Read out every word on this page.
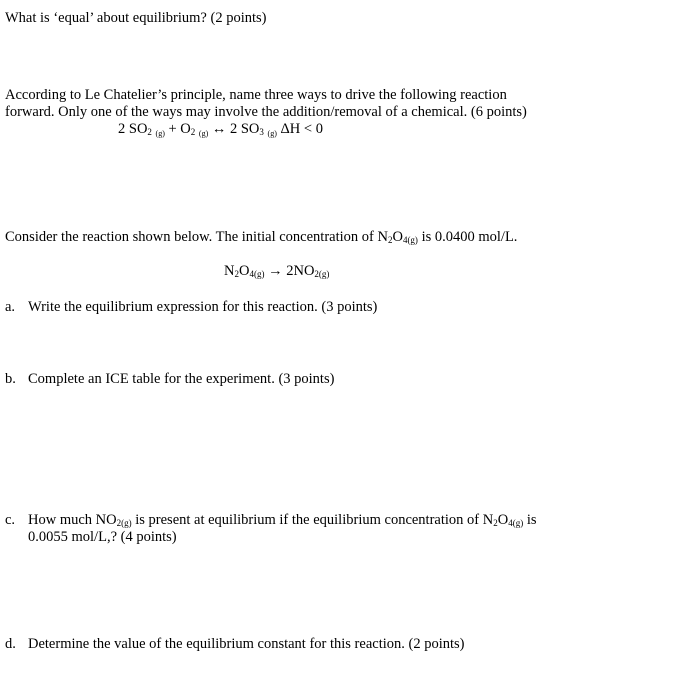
What is ‘equal’ about equilibrium? (2 points)
According to Le Chatelier’s principle, name three ways to drive the following reaction
forward. Only one of the ways may involve the addition/removal of a chemical. (6 points)
2 $SO_2$ $_{(g)} + O_2$ $_{(g)}$ ↔ 2 $SO_3$ $_{(g)}$ ΔH < 0
Consider the reaction shown below. The initial concentration of $N_2O_{4(g)}$ is 0.0400 mol/L.
$N_2O_{4(g)} \to 2NO_{2(g)}$
a. Write the equilibrium expression for this reaction. (3 points)
b. Complete an ICE table for the experiment. (3 points)
c. How much $NO_{2(g)}$ is present at equilibrium if the equilibrium concentration of $N_2O_{4(g)}$ is
0.0055 mol/L,? (4 points)
d. Determine the value of the equilibrium constant for this reaction. (2 points)
